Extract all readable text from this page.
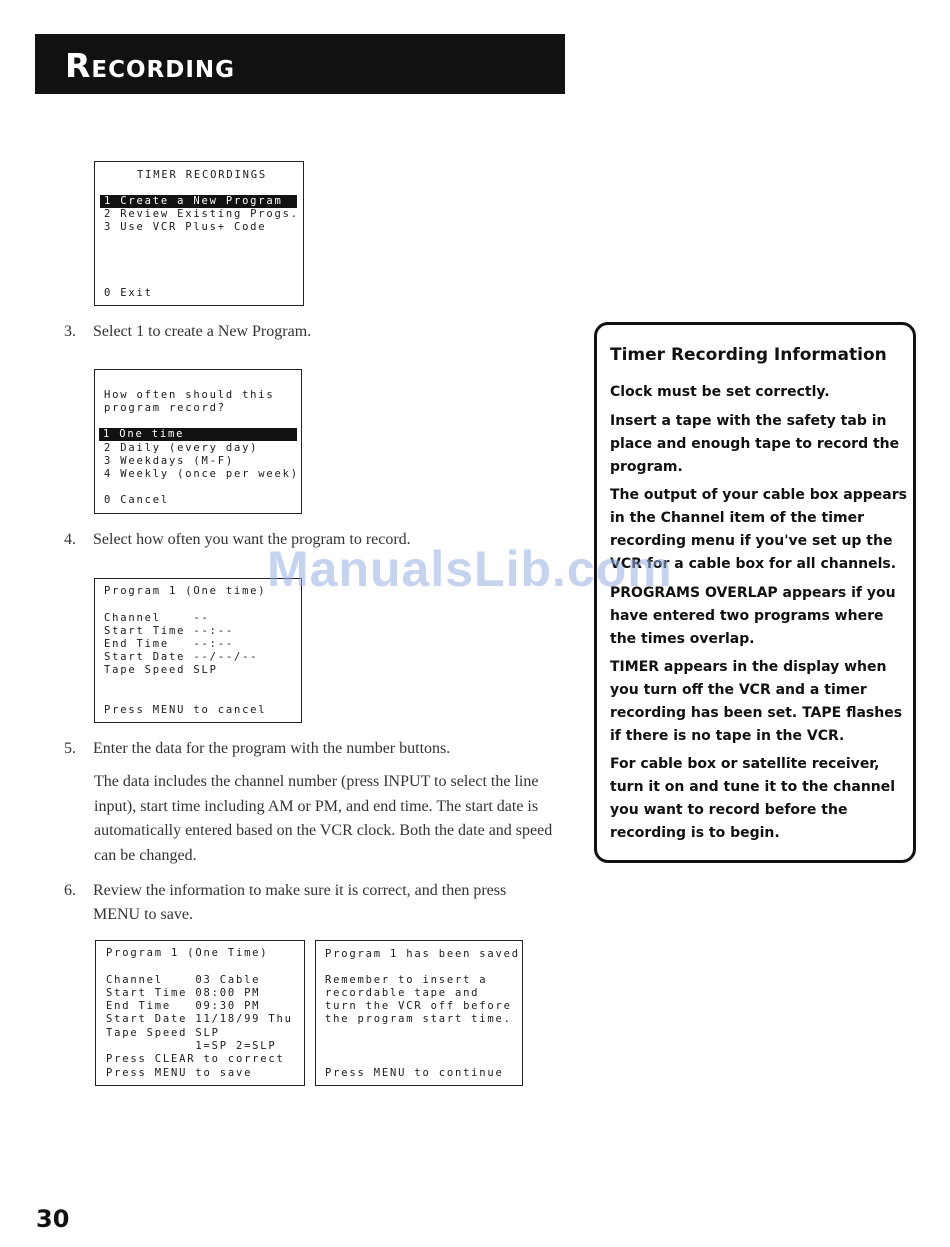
Recording
TIMER RECORDINGS
1 Create a New Program
2 Review Existing Progs.
3 Use VCR Plus+ Code
0 Exit
3. Select 1 to create a New Program.
How often should this
program record?
1 One time
2 Daily (every day)
3 Weekdays (M-F)
4 Weekly (once per week)
0 Cancel
4. Select how often you want the program to record.
Program 1 (One time)
Channel    --
Start Time --:--
End Time   --:--
Start Date --/--/--
Tape Speed SLP
Press MENU to cancel
5. Enter the data for the program with the number buttons.
The data includes the channel number (press INPUT to select the line input), start time including AM or PM, and end time. The start date is automatically entered based on the VCR clock. Both the date and speed can be changed.
6. Review the information to make sure it is correct, and then press
MENU to save.
Program 1 (One Time)
Channel    03 Cable
Start Time 08:00 PM
End Time   09:30 PM
Start Date 11/18/99 Thu
Tape Speed SLP
1=SP 2=SLP
Press CLEAR to correct
Press MENU to save
Program 1 has been saved
Remember to insert a
recordable tape and
turn the VCR off before
the program start time.
Press MENU to continue
Timer Recording Information
Clock must be set correctly.
Insert a tape with the safety tab in place and enough tape to record the program.
The output of your cable box appears in the Channel item of the timer recording menu if you've set up the VCR for a cable box for all channels.
PROGRAMS OVERLAP appears if you have entered two programs where the times overlap.
TIMER appears in the display when you turn off the VCR and a timer recording has been set. TAPE flashes if there is no tape in the VCR.
For cable box or satellite receiver, turn it on and tune it to the channel you want to record before the recording is to begin.
ManualsLib.com
30
